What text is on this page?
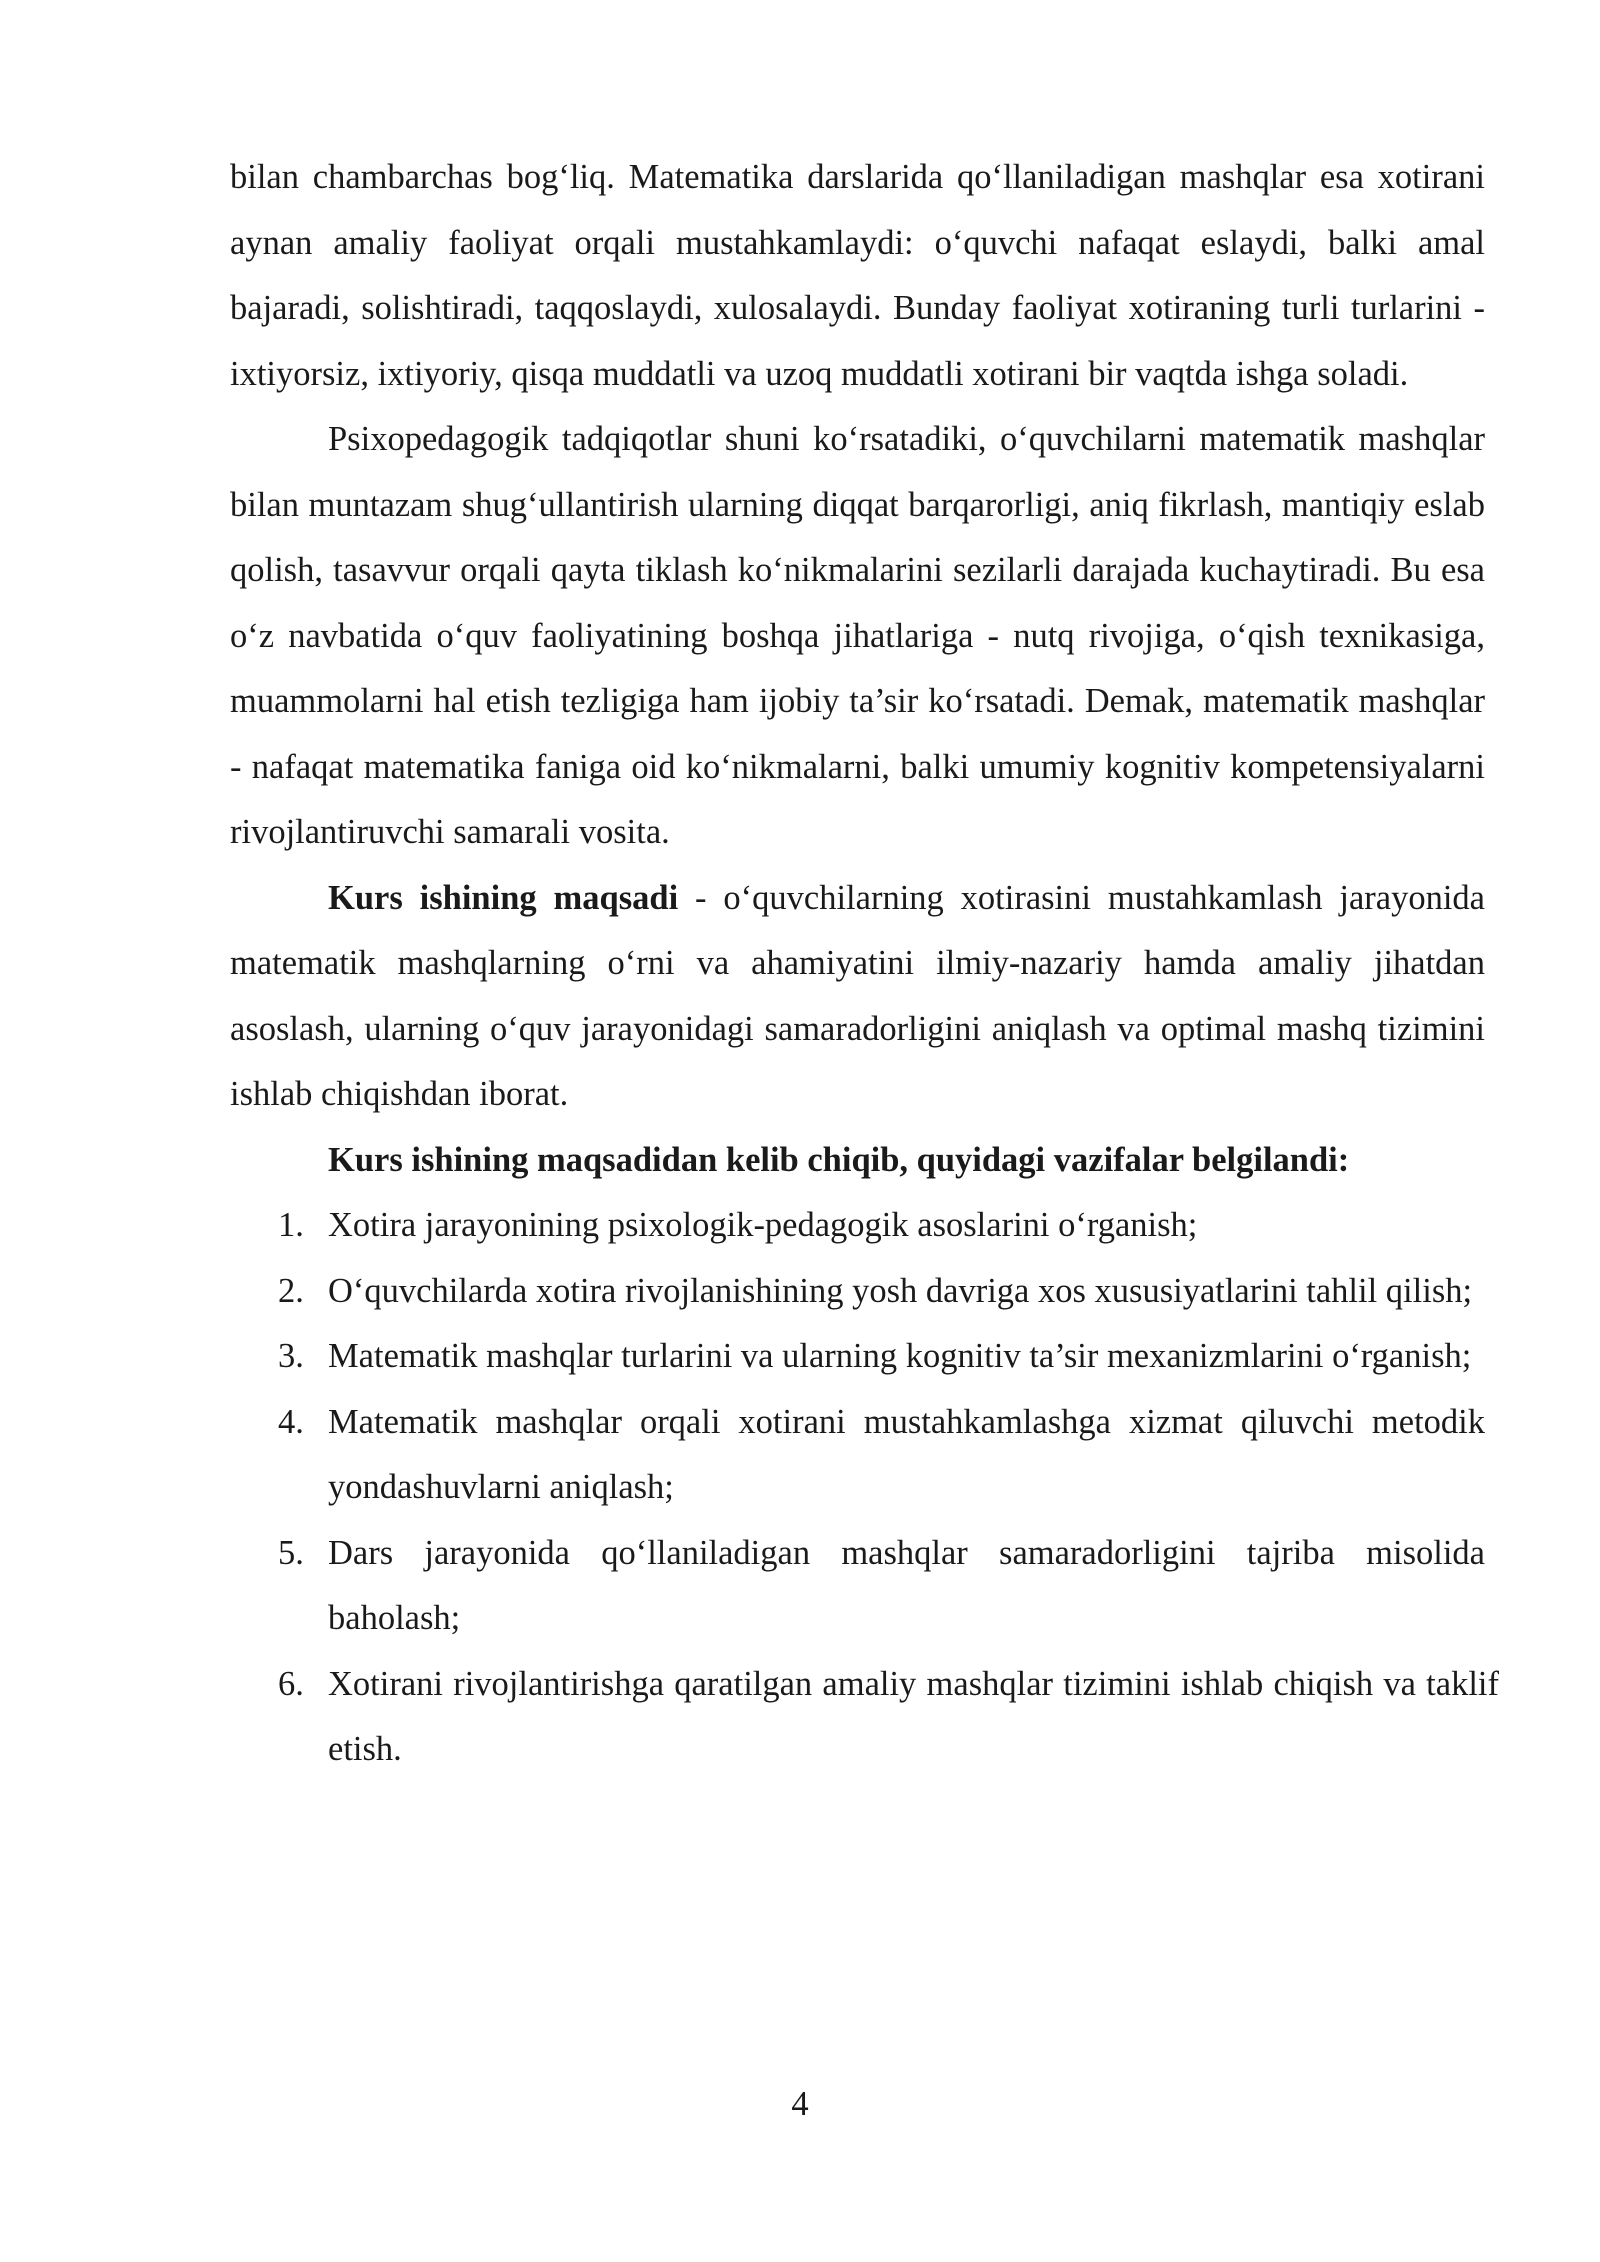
bilan chambarchas bog‘liq. Matematika darslarida qo‘llaniladigan mashqlar esa xotirani aynan amaliy faoliyat orqali mustahkamlaydi: o‘quvchi nafaqat eslaydi, balki amal bajaradi, solishtiradi, taqqoslaydi, xulosalaydi. Bunday faoliyat xotiraning turli turlarini - ixtiyorsiz, ixtiyoriy, qisqa muddatli va uzoq muddatli xotirani bir vaqtda ishga soladi.

Psixopedagogik tadqiqotlar shuni ko‘rsatadiki, o‘quvchilarni matematik mashqlar bilan muntazam shug‘ullantirish ularning diqqat barqarorligi, aniq fikrlash, mantiqiy eslab qolish, tasavvur orqali qayta tiklash ko‘nikmalarini sezilarli darajada kuchaytiradi. Bu esa o‘z navbatida o‘quv faoliyatining boshqa jihatlariga - nutq rivojiga, o‘qish texnikasiga, muammolarni hal etish tezligiga ham ijobiy ta’sir ko‘rsatadi. Demak, matematik mashqlar - nafaqat matematika faniga oid ko‘nikmalarni, balki umumiy kognitiv kompetensiyalarni rivojlantiruvchi samarali vosita.

Kurs ishining maqsadi - o‘quvchilarning xotirasini mustahkamlash jarayonida matematik mashqlarning o‘rni va ahamiyatini ilmiy-nazariy hamda amaliy jihatdan asoslash, ularning o‘quv jarayonidagi samaradorligini aniqlash va optimal mashq tizimini ishlab chiqishdan iborat.

Kurs ishining maqsadidan kelib chiqib, quyidagi vazifalar belgilandi:

1. Xotira jarayonining psixologik-pedagogik asoslarini o‘rganish;
2. O‘quvchilarda xotira rivojlanishining yosh davriga xos xususiyatlarini tahlil qilish;
3. Matematik mashqlar turlarini va ularning kognitiv ta’sir mexanizmlarini o‘rganish;
4. Matematik mashqlar orqali xotirani mustahkamlashga xizmat qiluvchi metodik yondashuvlarni aniqlash;
5. Dars jarayonida qo‘llaniladigan mashqlar samaradorligini tajriba misolida baholash;
6. Xotirani rivojlantirishga qaratilgan amaliy mashqlar tizimini ishlab chiqish va taklif etish.
4
